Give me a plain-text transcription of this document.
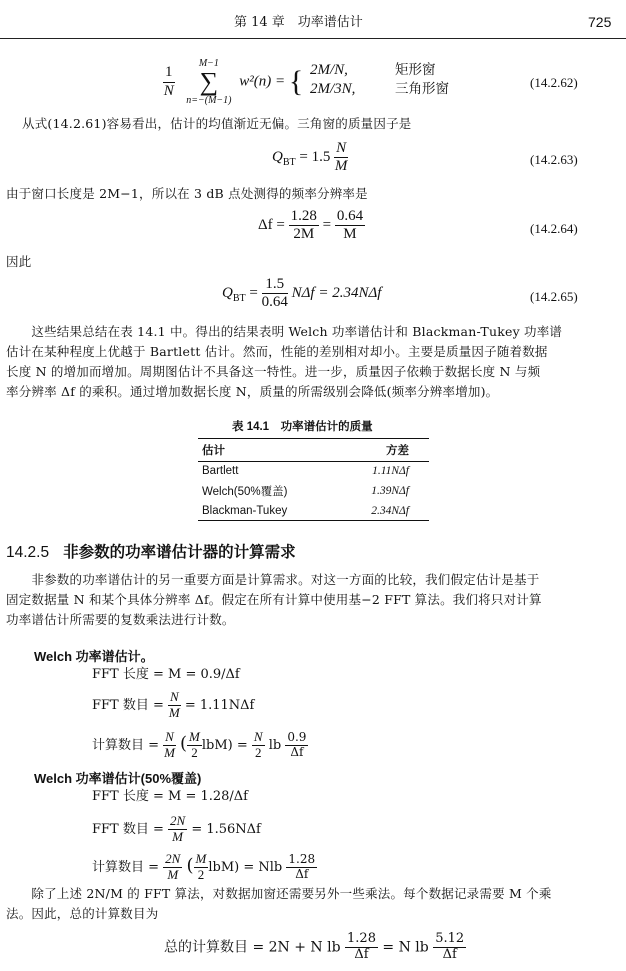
第 14 章　功率谱估计	725
$\frac{1}{N}$

M−1
∑
n=−(M−1)
w²(n) = { 2M/N,	矩形窗
2M/3N,	三角形窗	(14.2.62)
从式(14.2.61)容易看出，估计的均值渐近无偏。三角窗的质量因子是
$Q_{BT} = 1.5 \frac{N}{M}$	(14.2.63)
由于窗口长度是 2M−1，所以在 3 dB 点处测得的频率分辨率是
$\Delta f = \frac{1.28}{2M} = \frac{0.64}{M}$	(14.2.64)
因此
$Q_{BT} = \frac{1.5}{0.64}$ NΔf = 2.34NΔf	(14.2.65)
　　这些结果总结在表 14.1 中。得出的结果表明 Welch 功率谱估计和 Blackman-Tukey 功率谱
估计在某种程度上优越于 Bartlett 估计。然而，性能的差别相对却小。主要是质量因子随着数据
长度 N 的增加而增加。周期图估计不具备这一特性。进一步，质量因子依赖于数据长度 N 与频
率分辨率 Δf 的乘积。通过增加数据长度 N，质量的所需级别会降低(频率分辨率增加)。
表 14.1　功率谱估计的质量
估计	方差
Bartlett	1.11NΔf
Welch(50%覆盖)	1.39NΔf
Blackman-Tukey	2.34NΔf
14.2.5 非参数的功率谱估计器的计算需求
　　非参数的功率谱估计的另一重要方面是计算需求。对这一方面的比较，我们假定估计是基于
固定数据量 N 和某个具体分辨率 Δf。假定在所有计算中使用基−2 FFT 算法。我们将只对计算
功率谱估计所需要的复数乘法进行计数。
Welch 功率谱估计。
FFT 长度 = M = 0.9/Δf
FFT 数目 = $\frac{N}{M} = 1.11N\Delta f$
计算数目 = $\frac{N}{M}$ ( $\frac{M}{2} lbM) = \frac{N}{2}$ lb $\frac{0.9}{\Delta f}$
Welch 功率谱估计(50%覆盖)
FFT 长度 = M = 1.28/Δf
FFT 数目 = $\frac{2N}{M} = 1.56N\Delta f$
计算数目 = $\frac{2N}{M}$ ( $\frac{M}{2} lbM$) = Nlb $\frac{1.28}{\Delta f}$
　　除了上述 2N/M 的 FFT 算法，对数据加窗还需要另外一些乘法。每个数据记录需要 M 个乘
法。因此，总的计算数目为
总的计算数目 = 2N + N lb $\frac{1.28}{\Delta f} = N$ lb $\frac{5.12}{\Delta f}$
